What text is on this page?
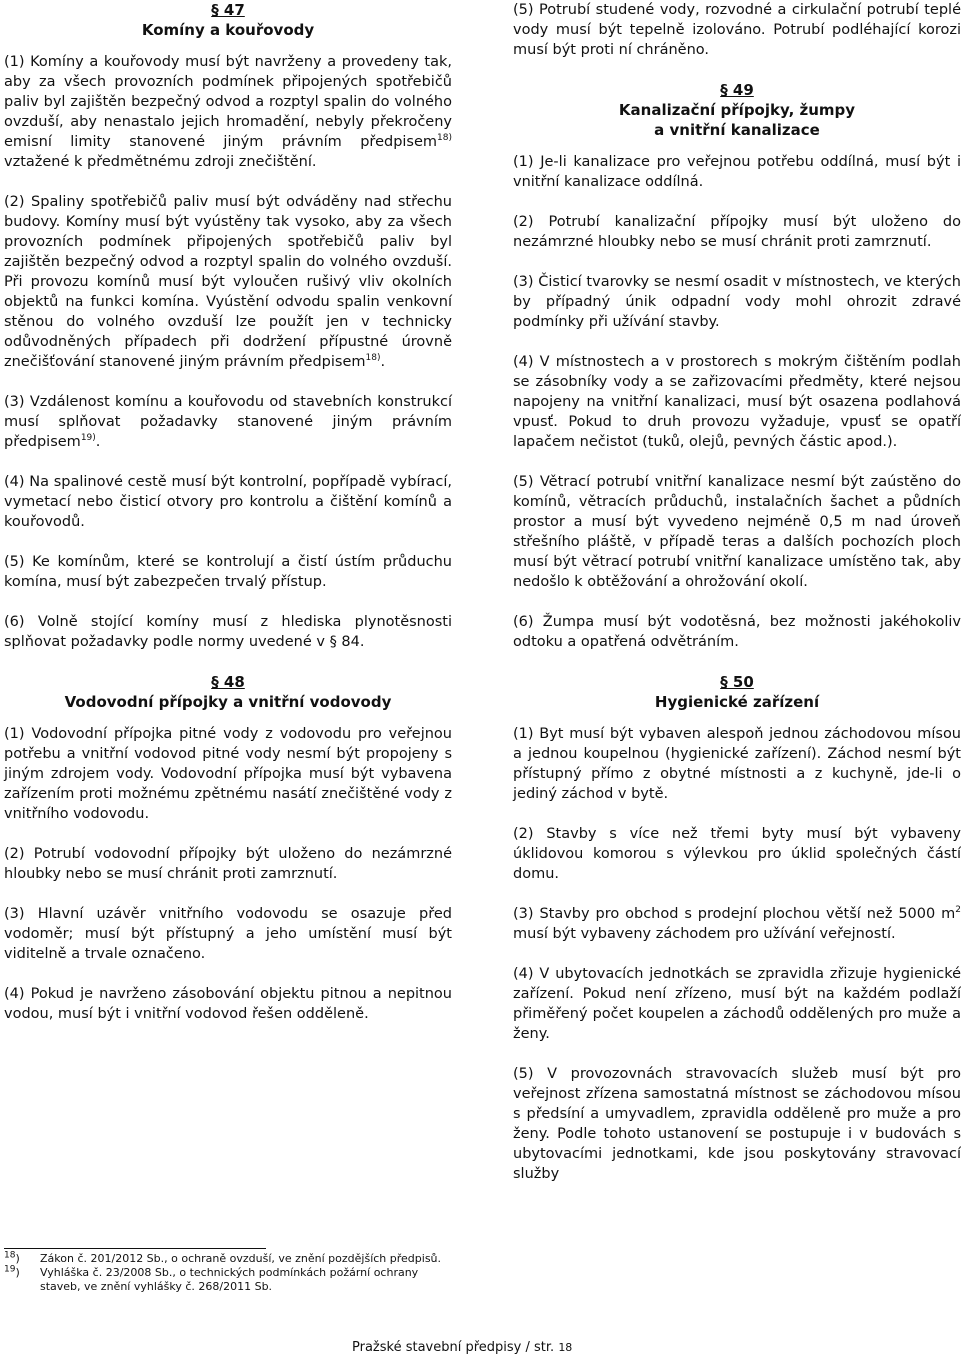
§ 47
Komíny a kouřovody

(1) Komíny a kouřovody musí být navrženy a provedeny tak, aby za všech provozních podmínek připojených spotřebičů paliv byl zajištěn bezpečný odvod a rozptyl spalin do volného ovzduší, aby nenastalo jejich hromadění, nebyly překročeny emisní limity stanovené jiným právním předpisem$^{18)}$ vztažené k předmětnému zdroji znečištění.

(2) Spaliny spotřebičů paliv musí být odváděny nad střechu budovy. Komíny musí být vyústěny tak vysoko, aby za všech provozních podmínek připojených spotřebičů paliv byl zajištěn bezpečný odvod a rozptyl spalin do volného ovzduší. Při provozu komínů musí být vyloučen rušivý vliv okolních objektů na funkci komína. Vyústění odvodu spalin venkovní stěnou do volného ovzduší lze použít jen v technicky odůvodněných případech při dodržení přípustné úrovně znečišťování stanovené jiným právním předpisem$^{18)}$.

(3) Vzdálenost komínu a kouřovodu od stavebních konstrukcí musí splňovat požadavky stanovené jiným právním předpisem$^{19)}$.

(4) Na spalinové cestě musí být kontrolní, popřípadě vybírací, vymetací nebo čisticí otvory pro kontrolu a čištění komínů a kouřovodů.

(5) Ke komínům, které se kontrolují a čistí ústím průduchu komína, musí být zabezpečen trvalý přístup.

(6) Volně stojící komíny musí z hlediska plynotěsnosti splňovat požadavky podle normy uvedené v § 84.

§ 48
Vodovodní přípojky a vnitřní vodovody

(1) Vodovodní přípojka pitné vody z vodovodu pro veřejnou potřebu a vnitřní vodovod pitné vody nesmí být propojeny s jiným zdrojem vody. Vodovodní přípojka musí být vybavena zařízením proti možnému zpětnému nasátí znečištěné vody z vnitřního vodovodu.

(2) Potrubí vodovodní přípojky být uloženo do nezámrzné hloubky nebo se musí chránit proti zamrznutí.

(3) Hlavní uzávěr vnitřního vodovodu se osazuje před vodoměr; musí být přístupný a jeho umístění musí být viditelně a trvale označeno.

(4) Pokud je navrženo zásobování objektu pitnou a nepitnou vodou, musí být i vnitřní vodovod řešen odděleně.

$^{18}$)	Zákon č. 201/2012 Sb., o ochraně ovzduší, ve znění pozdějších předpisů.
$^{19}$)	Vyhláška č. 23/2008 Sb., o technických podmínkách požární ochrany staveb, ve znění vyhlášky č. 268/2011 Sb.

(5) Potrubí studené vody, rozvodné a cirkulační potrubí teplé vody musí být tepelně izolováno. Potrubí podléhající korozi musí být proti ní chráněno.

§ 49
Kanalizační přípojky, žumpy
a vnitřní kanalizace

(1) Je-li kanalizace pro veřejnou potřebu oddílná, musí být i vnitřní kanalizace oddílná.

(2) Potrubí kanalizační přípojky musí být uloženo do nezámrzné hloubky nebo se musí chránit proti zamrznutí.

(3) Čisticí tvarovky se nesmí osadit v místnostech, ve kterých by případný únik odpadní vody mohl ohrozit zdravé podmínky při užívání stavby.

(4) V místnostech a v prostorech s mokrým čištěním podlah se zásobníky vody a se zařizovacími předměty, které nejsou napojeny na vnitřní kanalizaci, musí být osazena podlahová vpusť. Pokud to druh provozu vyžaduje, vpusť se opatří lapačem nečistot (tuků, olejů, pevných částic apod.).

(5) Větrací potrubí vnitřní kanalizace nesmí být zaústěno do komínů, větracích průduchů, instalačních šachet a půdních prostor a musí být vyvedeno nejméně 0,5 m nad úroveň střešního pláště, v případě teras a dalších pochozích ploch musí být větrací potrubí vnitřní kanalizace umístěno tak, aby nedošlo k obtěžování a ohrožování okolí.

(6) Žumpa musí být vodotěsná, bez možnosti jakéhokoliv odtoku a opatřená odvětráním.

§ 50
Hygienické zařízení

(1) Byt musí být vybaven alespoň jednou záchodovou mísou a jednou koupelnou (hygienické zařízení). Záchod nesmí být přístupný přímo z obytné místnosti a z kuchyně, jde-li o jediný záchod v bytě.

(2) Stavby s více než třemi byty musí být vybaveny úklidovou komorou s výlevkou pro úklid společných částí domu.

(3) Stavby pro obchod s prodejní plochou větší než 5000 $m^2$ musí být vybaveny záchodem pro užívání veřejností.

(4) V ubytovacích jednotkách se zpravidla zřizuje hygienické zařízení. Pokud není zřízeno, musí být na každém podlaží přiměřený počet koupelen a záchodů oddělených pro muže a ženy.

(5) V provozovnách stravovacích služeb musí být pro veřejnost zřízena samostatná místnost se záchodovou mísou s předsíní a umyvadlem, zpravidla odděleně pro muže a pro ženy. Podle tohoto ustanovení se postupuje i v budovách s ubytovacími jednotkami, kde jsou poskytovány stravovací služby

Pražské stavební předpisy / str. 18
